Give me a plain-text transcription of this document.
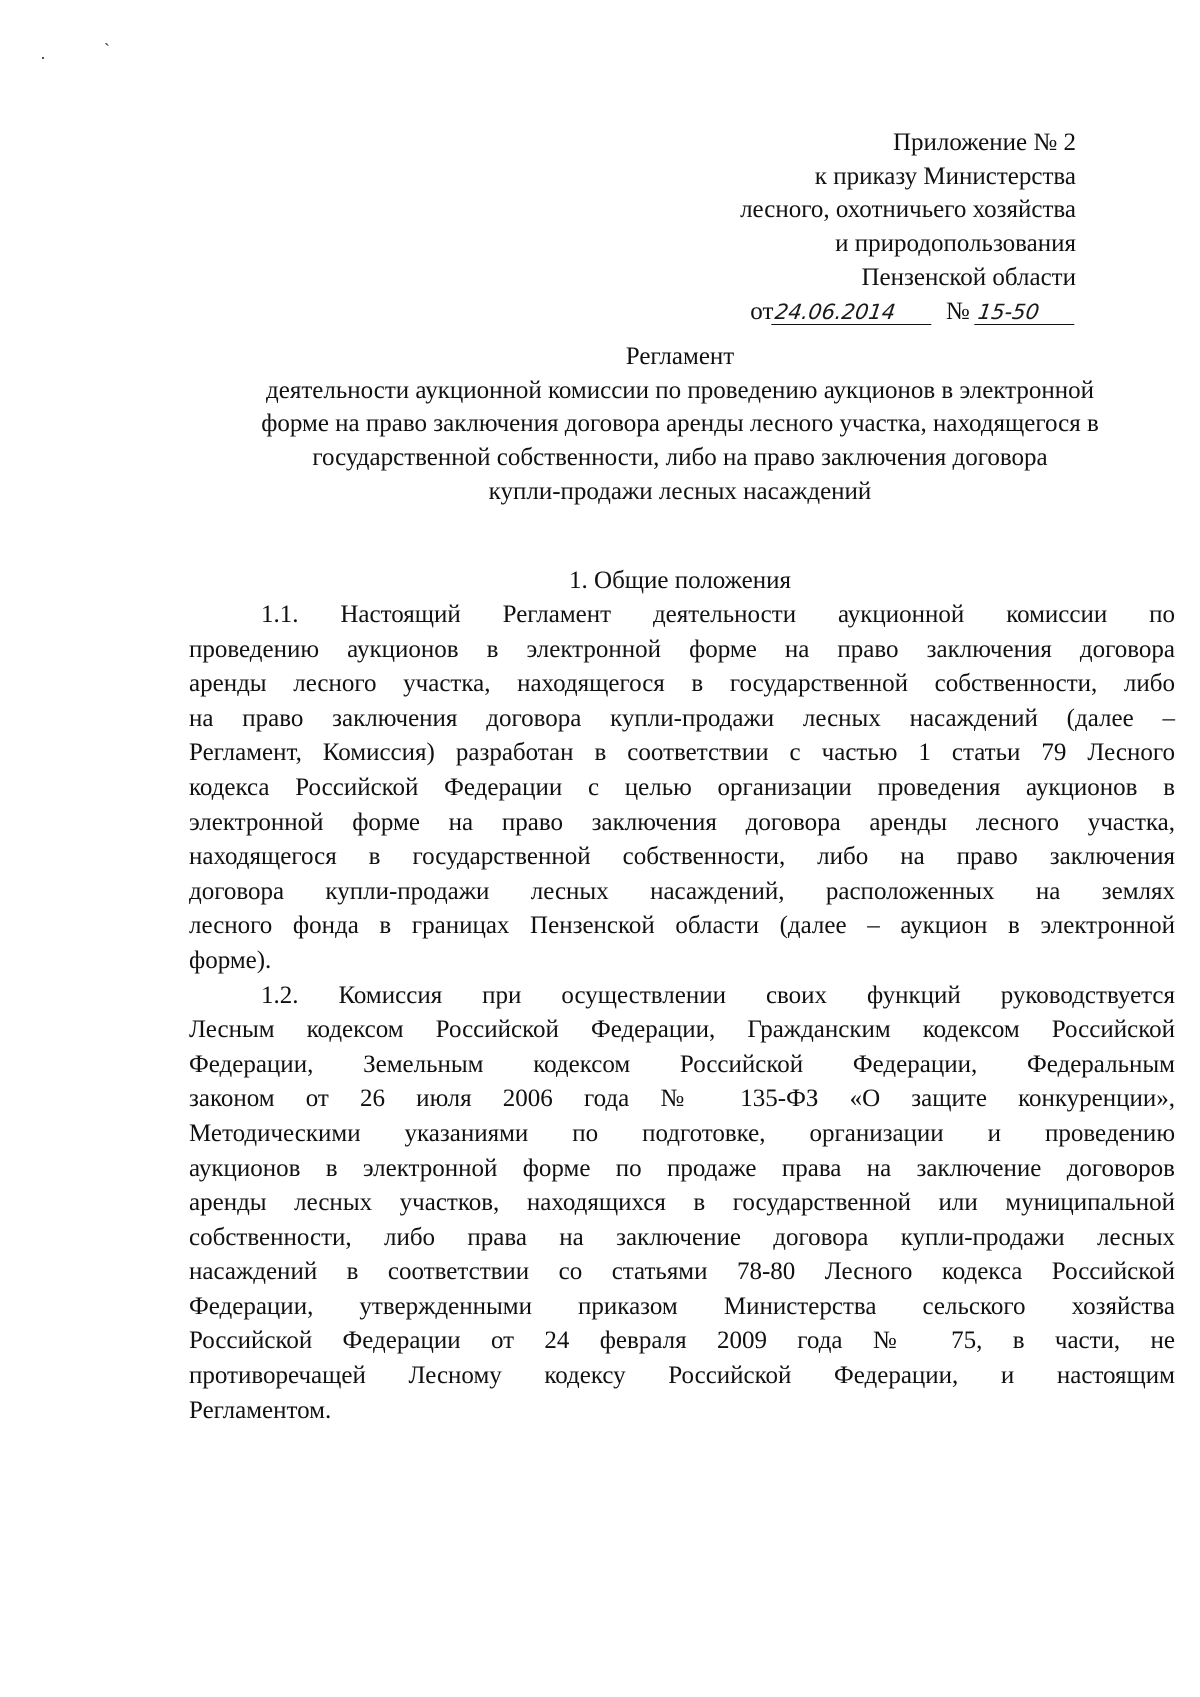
·	`
Приложение № 2
к приказу Министерства
лесного, охотничьего хозяйства
и природопользования
Пензенской области
от24.06.2014 № 15-50
Регламент
деятельности аукционной комиссии по проведению аукционов в электронной
форме на право заключения договора аренды лесного участка, находящегося в
государственной собственности, либо на право заключения договора
купли-продажи лесных насаждений
1. Общие положения
1.1. Настоящий Регламент деятельности аукционной комиссии по
проведению аукционов в электронной форме на право заключения договора
аренды лесного участка, находящегося в государственной собственности, либо
на право заключения договора купли-продажи лесных насаждений (далее –
Регламент, Комиссия) разработан в соответствии с частью 1 статьи 79 Лесного
кодекса Российской Федерации с целью организации проведения аукционов в
электронной форме на право заключения договора аренды лесного участка,
находящегося в государственной собственности, либо на право заключения
договора купли-продажи лесных насаждений, расположенных на землях
лесного фонда в границах Пензенской области (далее – аукцион в электронной
форме).
1.2. Комиссия при осуществлении своих функций руководствуется
Лесным кодексом Российской Федерации, Гражданским кодексом Российской
Федерации, Земельным кодексом Российской Федерации, Федеральным
законом от 26 июля 2006 года № 135-ФЗ «О защите конкуренции»,
Методическими указаниями по подготовке, организации и проведению
аукционов в электронной форме по продаже права на заключение договоров
аренды лесных участков, находящихся в государственной или муниципальной
собственности, либо права на заключение договора купли-продажи лесных
насаждений в соответствии со статьями 78-80 Лесного кодекса Российской
Федерации, утвержденными приказом Министерства сельского хозяйства
Российской Федерации от 24 февраля 2009 года № 75, в части, не
противоречащей Лесному кодексу Российской Федерации, и настоящим
Регламентом.
